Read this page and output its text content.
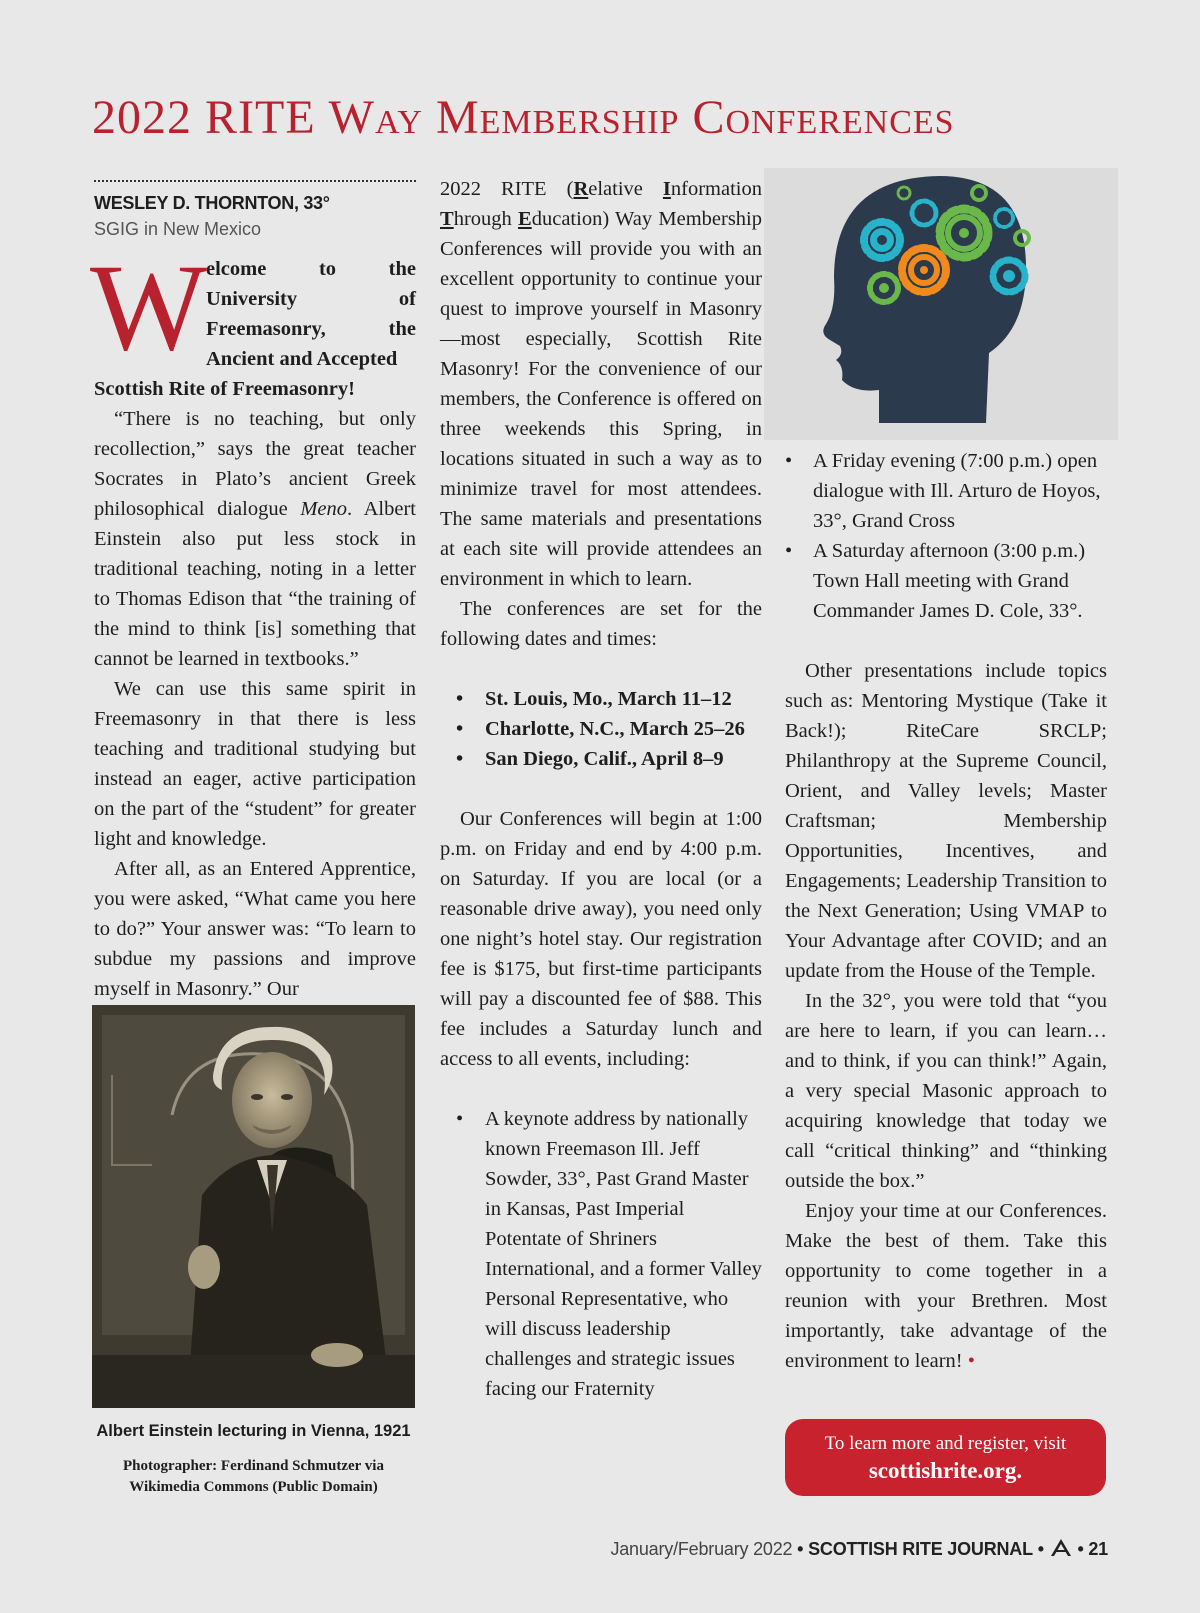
2022 RITE Way Membership Conferences
WESLEY D. THORNTON, 33°
SGIG in New Mexico
W

elcome to the University of Freemasonry, the Ancient and Accepted

Scottish Rite of Freemasonry!

“There is no teaching, but only recollection,” says the great teacher Socrates in Plato’s ancient Greek philosophical dialogue Meno. Albert Einstein also put less stock in traditional teaching, noting in a letter to Thomas Edison that “the training of the mind to think [is] something that cannot be learned in textbooks.”

We can use this same spirit in Freemasonry in that there is less teaching and traditional studying but instead an eager, active participation on the part of the “student” for greater light and knowledge.

After all, as an Entered Apprentice, you were asked, “What came you here to do?” Your answer was: “To learn to subdue my passions and improve myself in Masonry.” Our

Albert Einstein lecturing in Vienna, 1921
Photographer: Ferdinand Schmutzer via
Wikimedia Commons (Public Domain)

2022 RITE (Relative Information Through Education) Way Membership Conferences will provide you with an excellent opportunity to continue your quest to improve yourself in Masonry—most especially, Scottish Rite Masonry! For the convenience of our members, the Conference is offered on three weekends this Spring, in locations situated in such a way as to minimize travel for most attendees. The same materials and presentations at each site will provide attendees an environment in which to learn.

The conferences are set for the following dates and times:

• St. Louis, Mo., March 11–12
• Charlotte, N.C., March 25–26
• San Diego, Calif., April 8–9

Our Conferences will begin at 1:00 p.m. on Friday and end by 4:00 p.m. on Saturday. If you are local (or a reasonable drive away), you need only one night’s hotel stay. Our registration fee is $175, but first-time participants will pay a discounted fee of $88. This fee includes a Saturday lunch and access to all events, including:

• A keynote address by nationally known Freemason Ill. Jeff Sowder, 33°, Past Grand Master in Kansas, Past Imperial Potentate of Shriners International, and a former Valley Personal Representative, who will discuss leadership challenges and strategic issues facing our Fraternity
• A Friday evening (7:00 p.m.) open dialogue with Ill. Arturo de Hoyos, 33°, Grand Cross
• A Saturday afternoon (3:00 p.m.) Town Hall meeting with Grand Commander James D. Cole, 33°.

Other presentations include topics such as: Mentoring Mystique (Take it Back!); RiteCare SRCLP; Philanthropy at the Supreme Council, Orient, and Valley levels; Master Craftsman; Membership Opportunities, Incentives, and Engagements; Leadership Transition to the Next Generation; Using VMAP to Your Advantage after COVID; and an update from the House of the Temple.

In the 32°, you were told that “you are here to learn, if you can learn… and to think, if you can think!” Again, a very special Masonic approach to acquiring knowledge that today we call “critical thinking” and “thinking outside the box.”

Enjoy your time at our Conferences. Make the best of them. Take this opportunity to come together in a reunion with your Brethren. Most importantly, take advantage of the environment to learn! •

To learn more and register, visit
scottishrite.org.
January/February 2022 • SCOTTISH RITE JOURNAL • • 21
